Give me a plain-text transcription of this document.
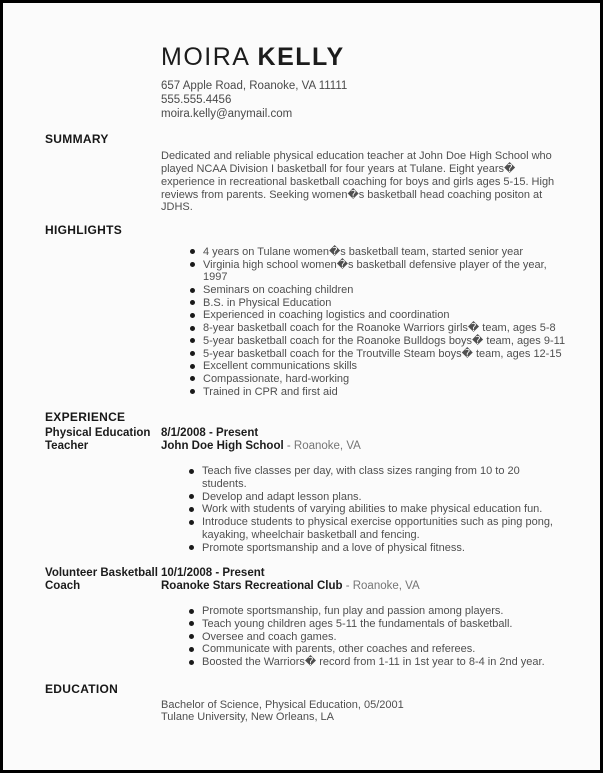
MOIRA KELLY
657 Apple Road, Roanoke, VA 11111
555.555.4456
moira.kelly@anymail.com
SUMMARY
Dedicated and reliable physical education teacher at John Doe High School who played NCAA Division I basketball for four years at Tulane. Eight years� experience in recreational basketball coaching for boys and girls ages 5-15. High reviews from parents. Seeking women�s basketball head coaching positon at JDHS.
HIGHLIGHTS
4 years on Tulane women�s basketball team, started senior year
Virginia high school women�s basketball defensive player of the year, 1997
Seminars on coaching children
B.S. in Physical Education
Experienced in coaching logistics and coordination
8-year basketball coach for the Roanoke Warriors girls� team, ages 5-8
5-year basketball coach for the Roanoke Bulldogs boys� team, ages 9-11
5-year basketball coach for the Troutville Steam boys� team, ages 12-15
Excellent communications skills
Compassionate, hard-working
Trained in CPR and first aid
EXPERIENCE
Physical Education Teacher
8/1/2008 - Present
John Doe High School - Roanoke, VA
Teach five classes per day, with class sizes ranging from 10 to 20 students.
Develop and adapt lesson plans.
Work with students of varying abilities to make physical education fun.
Introduce students to physical exercise opportunities such as ping pong, kayaking, wheelchair basketball and fencing.
Promote sportsmanship and a love of physical fitness.
Volunteer Basketball Coach
10/1/2008 - Present
Roanoke Stars Recreational Club - Roanoke, VA
Promote sportsmanship, fun play and passion among players.
Teach young children ages 5-11 the fundamentals of basketball.
Oversee and coach games.
Communicate with parents, other coaches and referees.
Boosted the Warriors� record from 1-11 in 1st year to 8-4 in 2nd year.
EDUCATION
Bachelor of Science, Physical Education, 05/2001
Tulane University, New Orleans, LA
